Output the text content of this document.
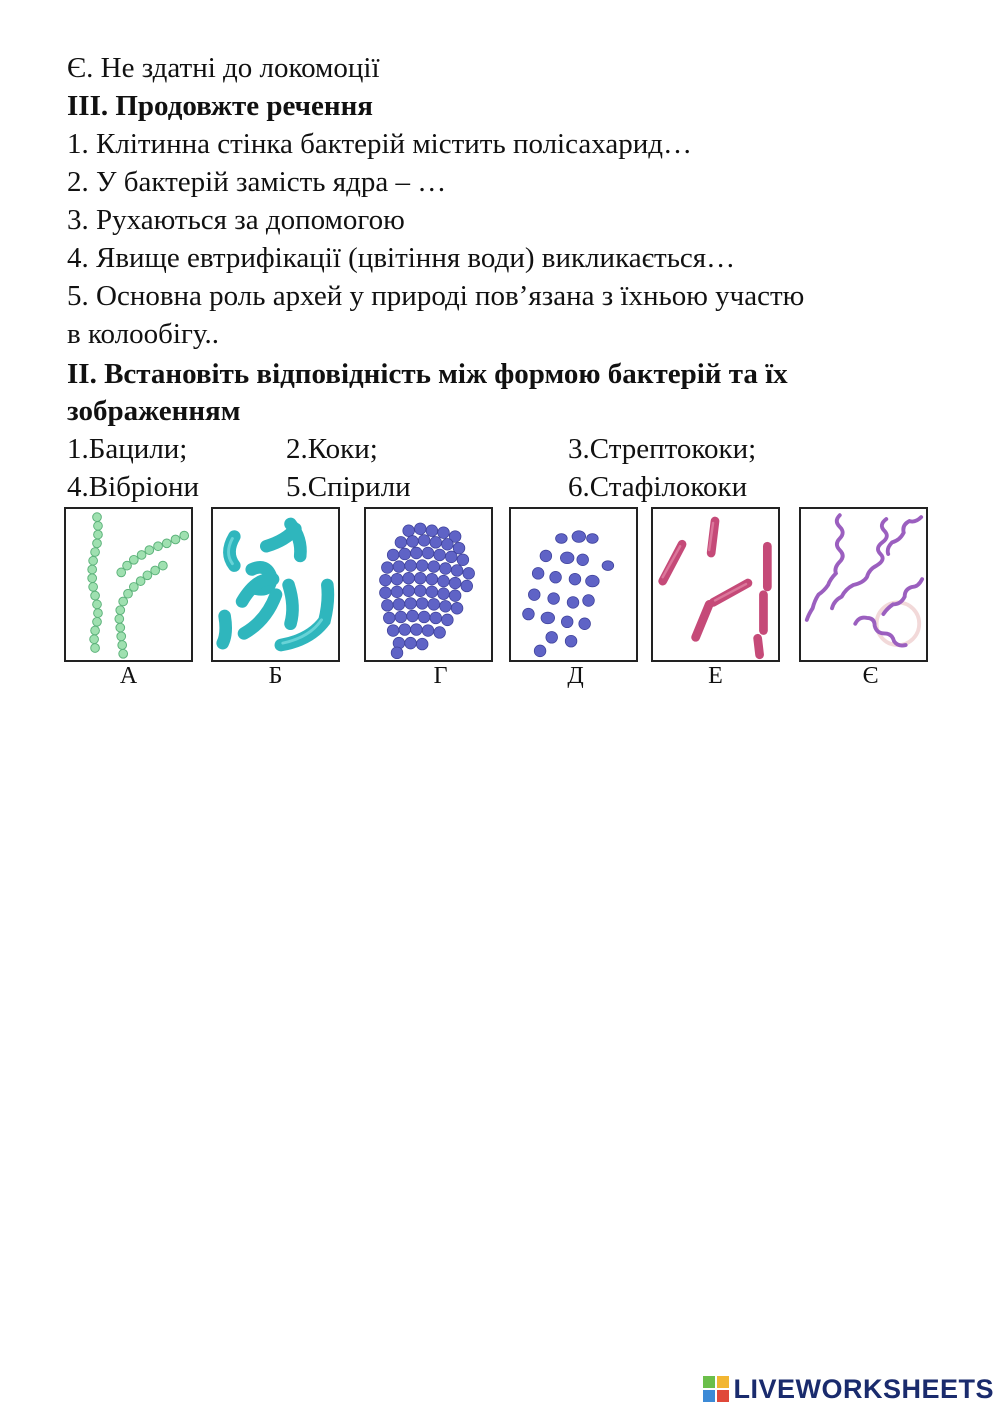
Є. Не здатні до локомоції
ІІІ. Продовжте речення
1. Клітинна стінка бактерій містить полісахарид…
2. У бактерій замість ядра – …
3. Рухаються за допомогою
4. Явище евтрифікації (цвітіння води) викликається…
5. Основна роль архей у природі пов’язана з їхньою участю
в колообігу..
ІІ. Встановіть відповідність між формою бактерій та їх
зображенням
1.Бацили;	2.Коки;	3.Стрептококи;
4.Вібріони	5.Спірили	6.Стафілококи
А	Б	Г	Д	Е	Є
LIVEWORKSHEETS
